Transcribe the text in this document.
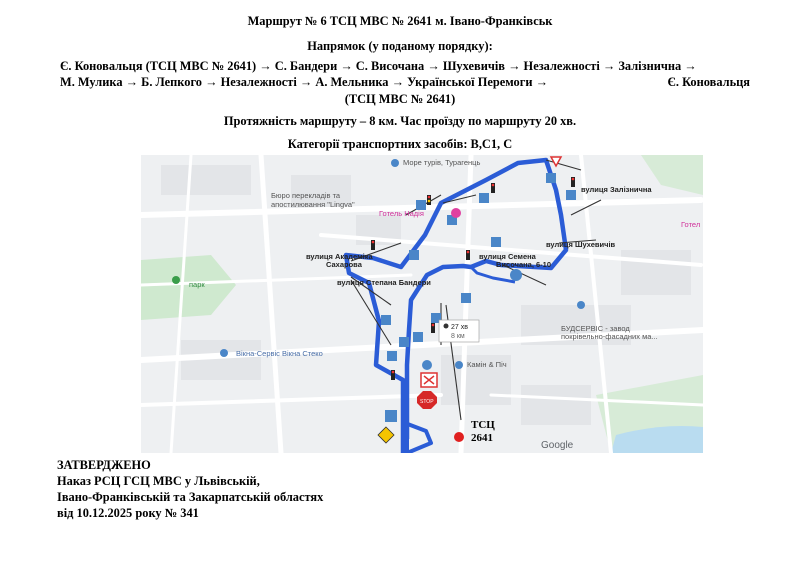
Маршрут № 6 ТСЦ МВС № 2641 м. Івано-Франківськ
Напрямок (у поданому порядку):
Є. Коновальця (ТСЦ МВС № 2641) → С. Бандери → С. Височана → Шухевичів → Незалежності → Залізнична →
М. Мулика → Б. Лепкого → Незалежності → А. Мельника → Української Перемоги →	Є. Коновальця
(ТСЦ МВС № 2641)
Протяжність маршруту – 8 км. Час проїзду по маршруту 20 хв.
Категорії транспортних засобів: В,С1, С
Море турів, Турагенць
Бюро перекладів та
апостилювання "Lingva"
Готель Надія
парк
Вікна-Сервіс Вікна Стеко
БУДСЕРВІС - завод
покрівельно-фасадних ма...
Камін & Піч
Готел
вулиця Залізнична
вулиця Шухевичів
вулиця Академіка
Сахарова
вулиця Семена
Височана, 6-10
вулиця Степана Бандери
27 хв
8 км
STOP
ТСЦ
2641
Google
ЗАТВЕРДЖЕНО
Наказ РСЦ ГСЦ МВС у Львівській,
Івано-Франківській та Закарпатській областях
від 10.12.2025 року № 341
